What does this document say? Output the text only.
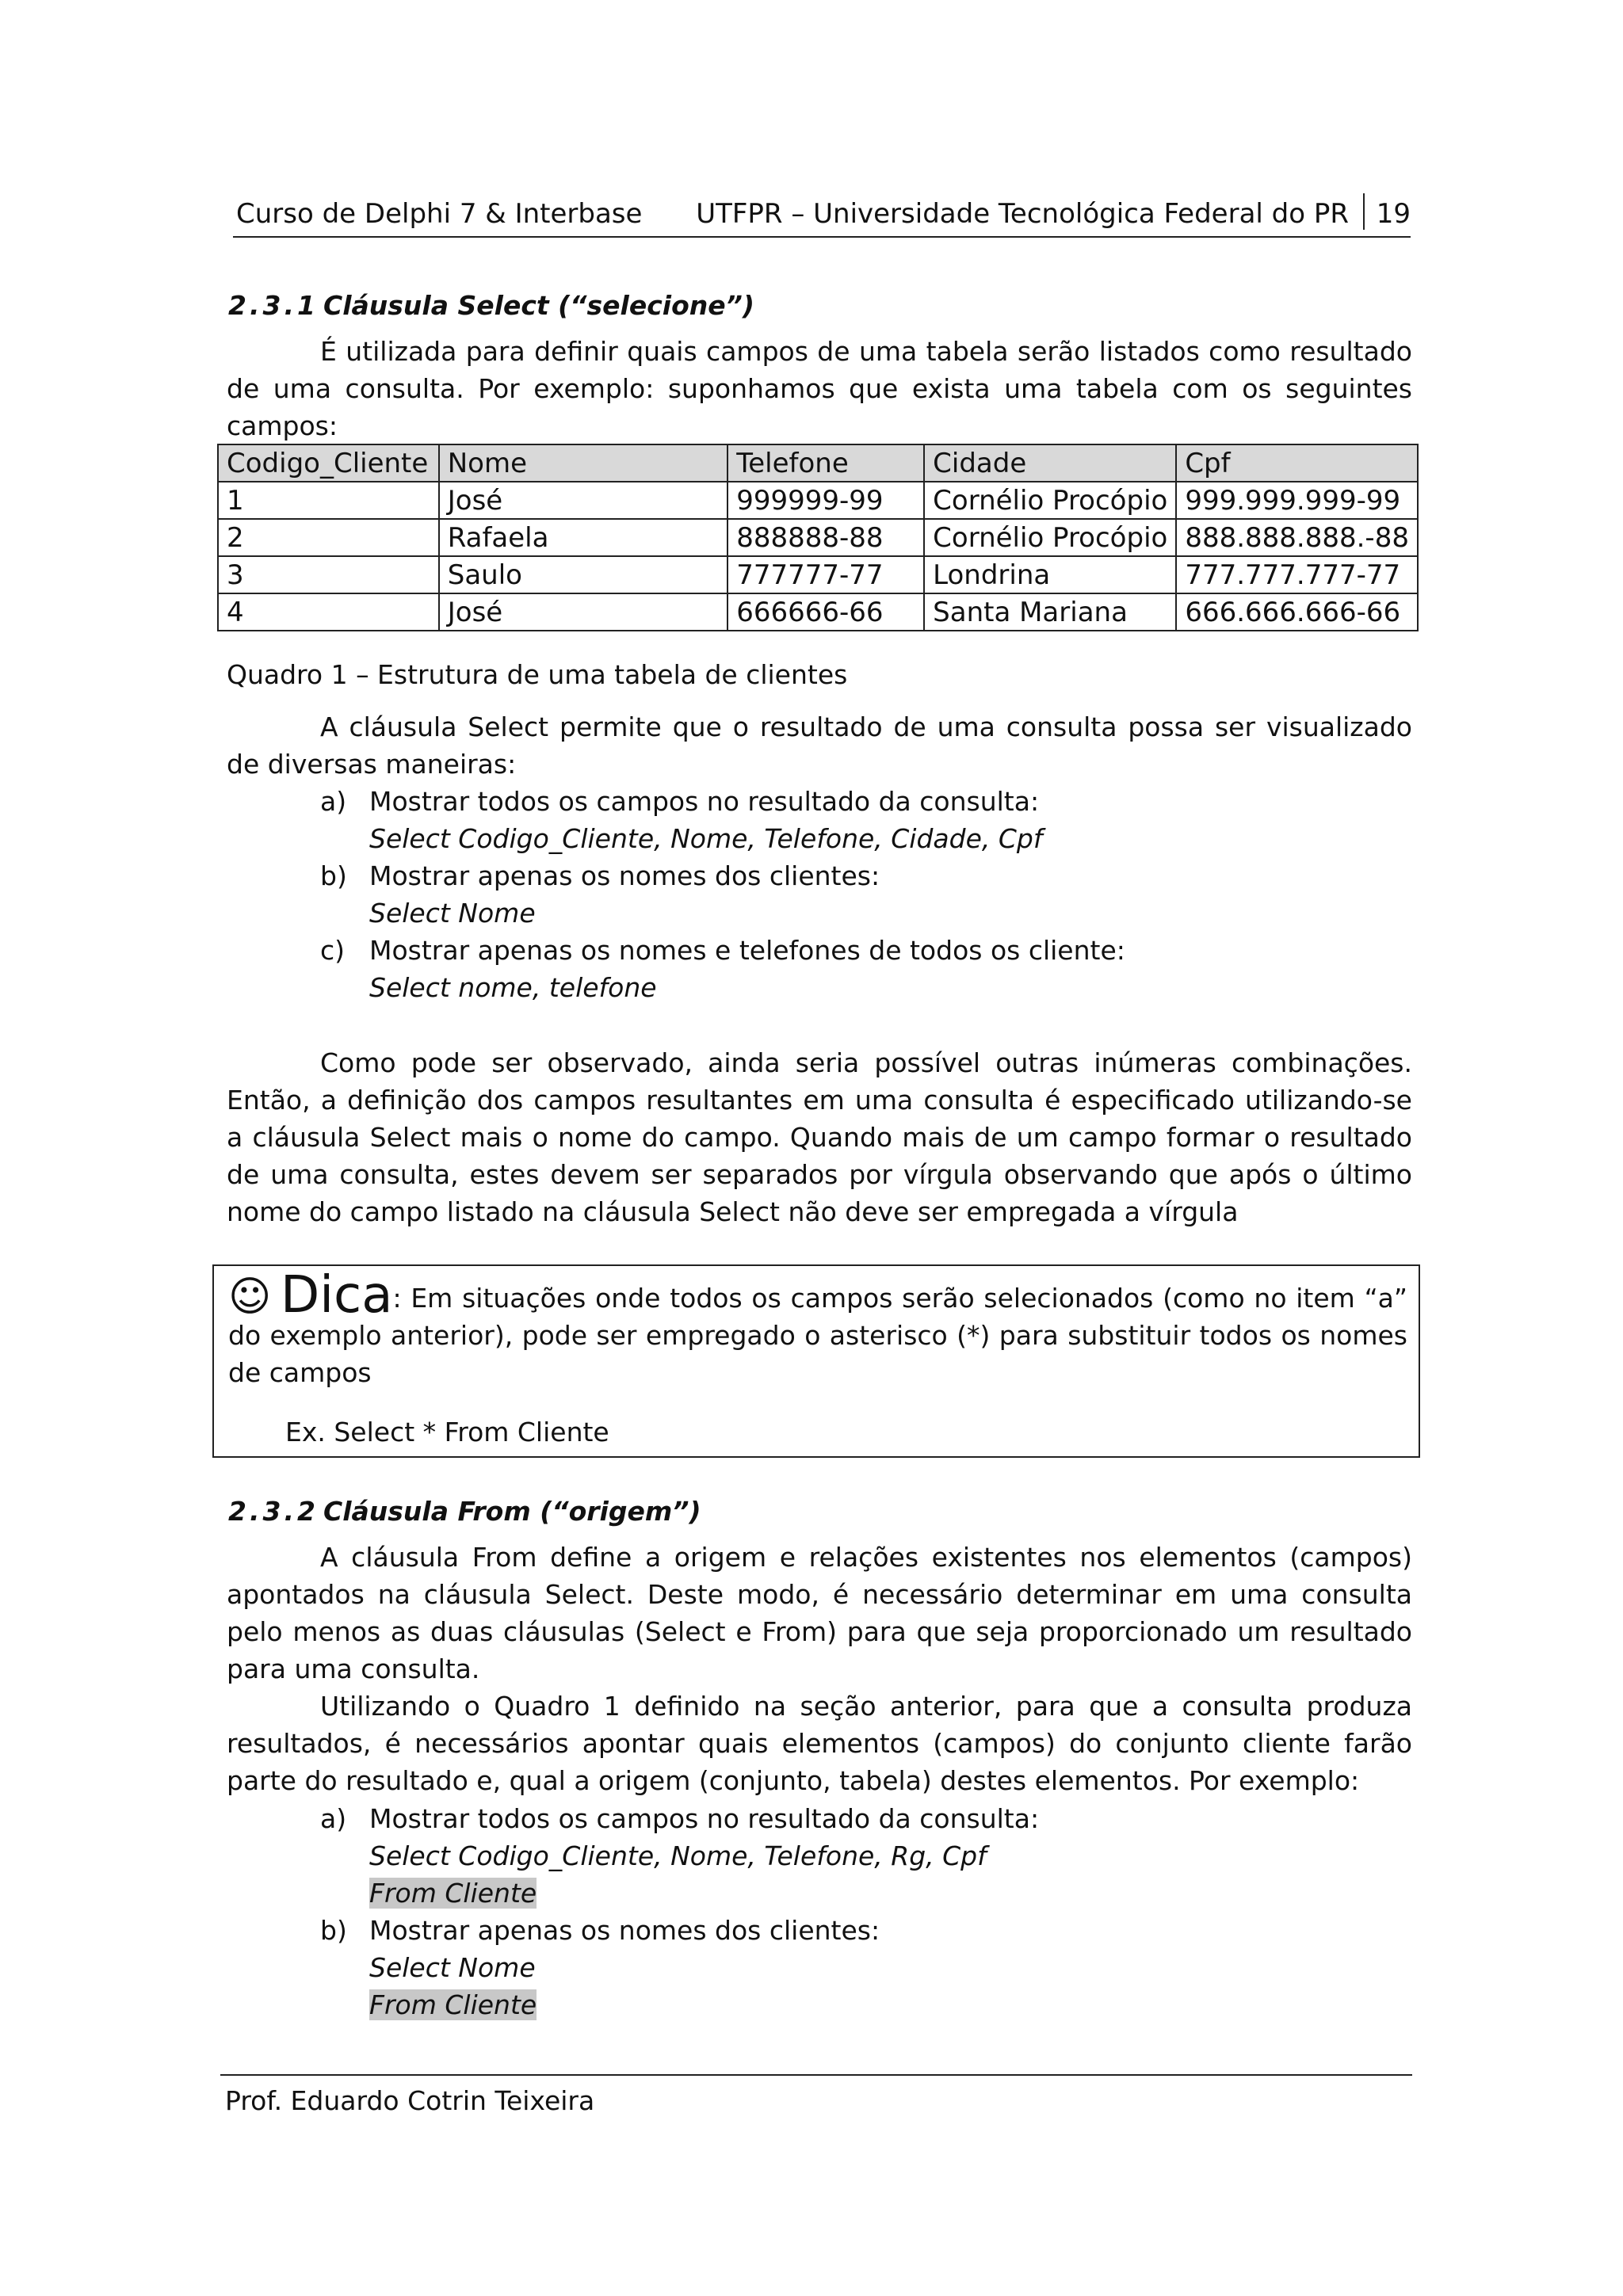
Curso de Delphi 7 & Interbase UTFPR – Universidade Tecnológica Federal do PR 19
2.3.1 Cláusula Select (“selecione”)
É utilizada para definir quais campos de uma tabela serão listados como resultado de uma consulta. Por exemplo: suponhamos que exista uma tabela com os seguintes campos:
Codigo_Cliente	Nome	Telefone	Cidade	Cpf
1	José	999999-99	Cornélio Procópio	999.999.999-99
2	Rafaela	888888-88	Cornélio Procópio	888.888.888.-88
3	Saulo	777777-77	Londrina	777.777.777-77
4	José	666666-66	Santa Mariana	666.666.666-66
Quadro 1 – Estrutura de uma tabela de clientes
A cláusula Select permite que o resultado de uma consulta possa ser visualizado de diversas maneiras:
a) Mostrar todos os campos no resultado da consulta:
Select Codigo_Cliente, Nome, Telefone, Cidade, Cpf
b) Mostrar apenas os nomes dos clientes:
Select Nome
c) Mostrar apenas os nomes e telefones de todos os cliente:
Select nome, telefone
Como pode ser observado, ainda seria possível outras inúmeras combinações. Então, a definição dos campos resultantes em uma consulta é especificado utilizando-se a cláusula Select mais o nome do campo. Quando mais de um campo formar o resultado de uma consulta, estes devem ser separados por vírgula observando que após o último nome do campo listado na cláusula Select não deve ser empregada a vírgula
☺ Dica: Em situações onde todos os campos serão selecionados (como no item “a” do exemplo anterior), pode ser empregado o asterisco (*) para substituir todos os nomes de campos
Ex. Select * From Cliente
2.3.2 Cláusula From (“origem”)
A cláusula From define a origem e relações existentes nos elementos (campos) apontados na cláusula Select. Deste modo, é necessário determinar em uma consulta pelo menos as duas cláusulas (Select e From) para que seja proporcionado um resultado para uma consulta.
Utilizando o Quadro 1 definido na seção anterior, para que a consulta produza resultados, é necessários apontar quais elementos (campos) do conjunto cliente farão parte do resultado e, qual a origem (conjunto, tabela) destes elementos. Por exemplo:
a) Mostrar todos os campos no resultado da consulta:
Select Codigo_Cliente, Nome, Telefone, Rg, Cpf
From Cliente
b) Mostrar apenas os nomes dos clientes:
Select Nome
From Cliente
Prof. Eduardo Cotrin Teixeira
